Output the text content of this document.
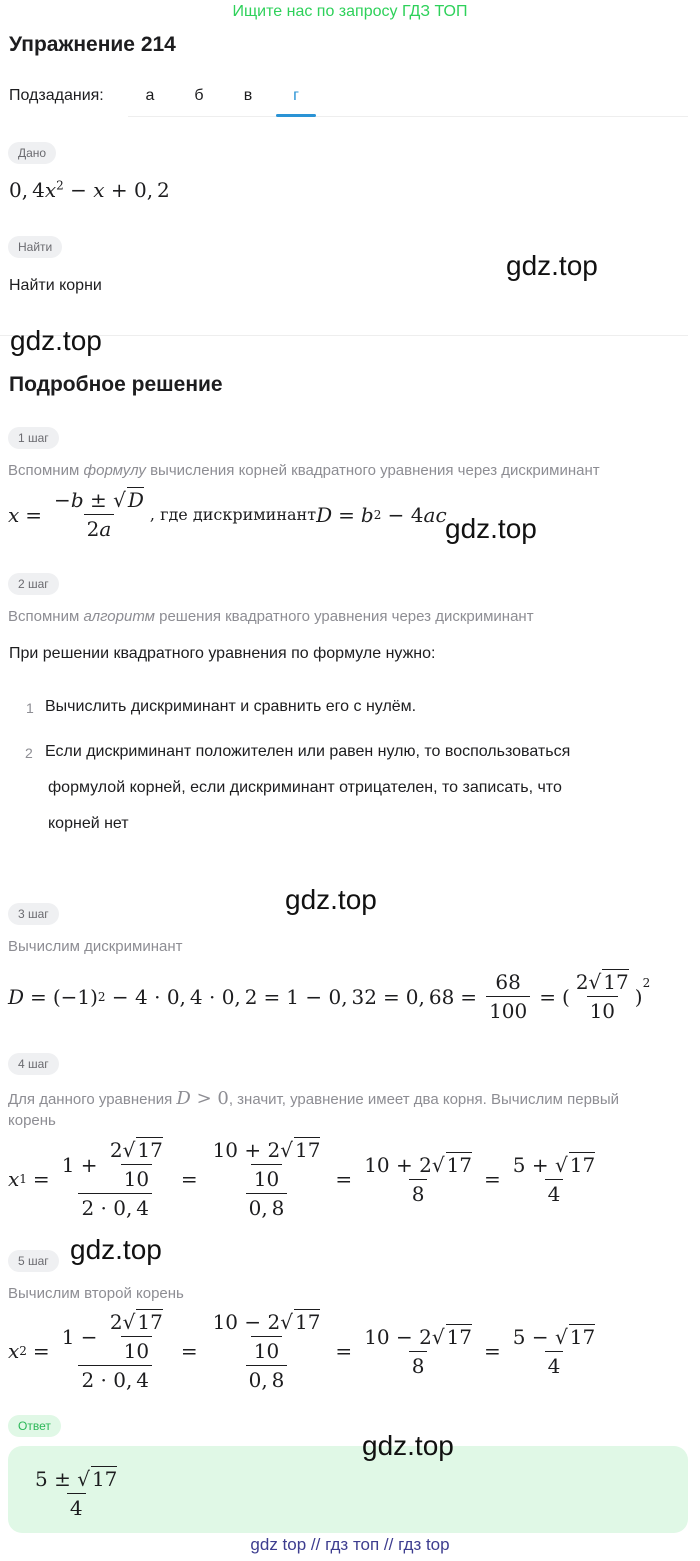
Ищите нас по запросу ГДЗ ТОП
Упражнение 214
Подзадания:	а	б	в	г
Дано
0, $4x^2 - x + 0$, 2
Найти
Найти корни
gdz.top
gdz.top
Подробное решение
1 шаг
Вспомним формулу вычисления корней квадратного уравнения через дискриминант
$x = \frac{-b \pm √ D}{2a}$ , где дискриминант D = b 2 − 4 ac
gdz.top
2 шаг
Вспомним алгоритм решения квадратного уравнения через дискриминант
При решении квадратного уравнения по формуле нужно:
1 Вычислить дискриминант и сравнить его с нулём.
2 Если дискриминант положителен или равен нулю, то воспользоваться
формулой корней, если дискриминант отрицателен, то записать, что
корней нет
gdz.top
3 шаг
Вычислим дискриминант
D = (−1) 2 − 4 · 0, 4 · 0, 2 = 1 − 0, 32 = 0, $68 = \frac{68}{100}$ = ( $\frac{2√ 17}{10}$ )
$^2$
4 шаг
Для данного уравнения D > 0, значит, уравнение имеет два корня. Вычислим первый
корень
x $1 = \frac{1 + \frac{2√ 17}{10}}{2 \cdot 0, 4} = \frac{\frac{10 + 2√ 17}{10}}{0, 8} = \frac{10 + 2√ 17}{8} = \frac{5 + √ 17}{4}$
5 шаг gdz.top
Вычислим второй корень
x $2 = \frac{1 - \frac{2√ 17}{10}}{2 \cdot 0, 4} = \frac{\frac{10 - 2√ 17}{10}}{0, 8} = \frac{10 - 2√ 17}{8} = \frac{5 - √ 17}{4}$
Ответ
gdz.top
$\frac{5 \pm √ 17}{4}$
gdz top // гдз топ // гдз top
